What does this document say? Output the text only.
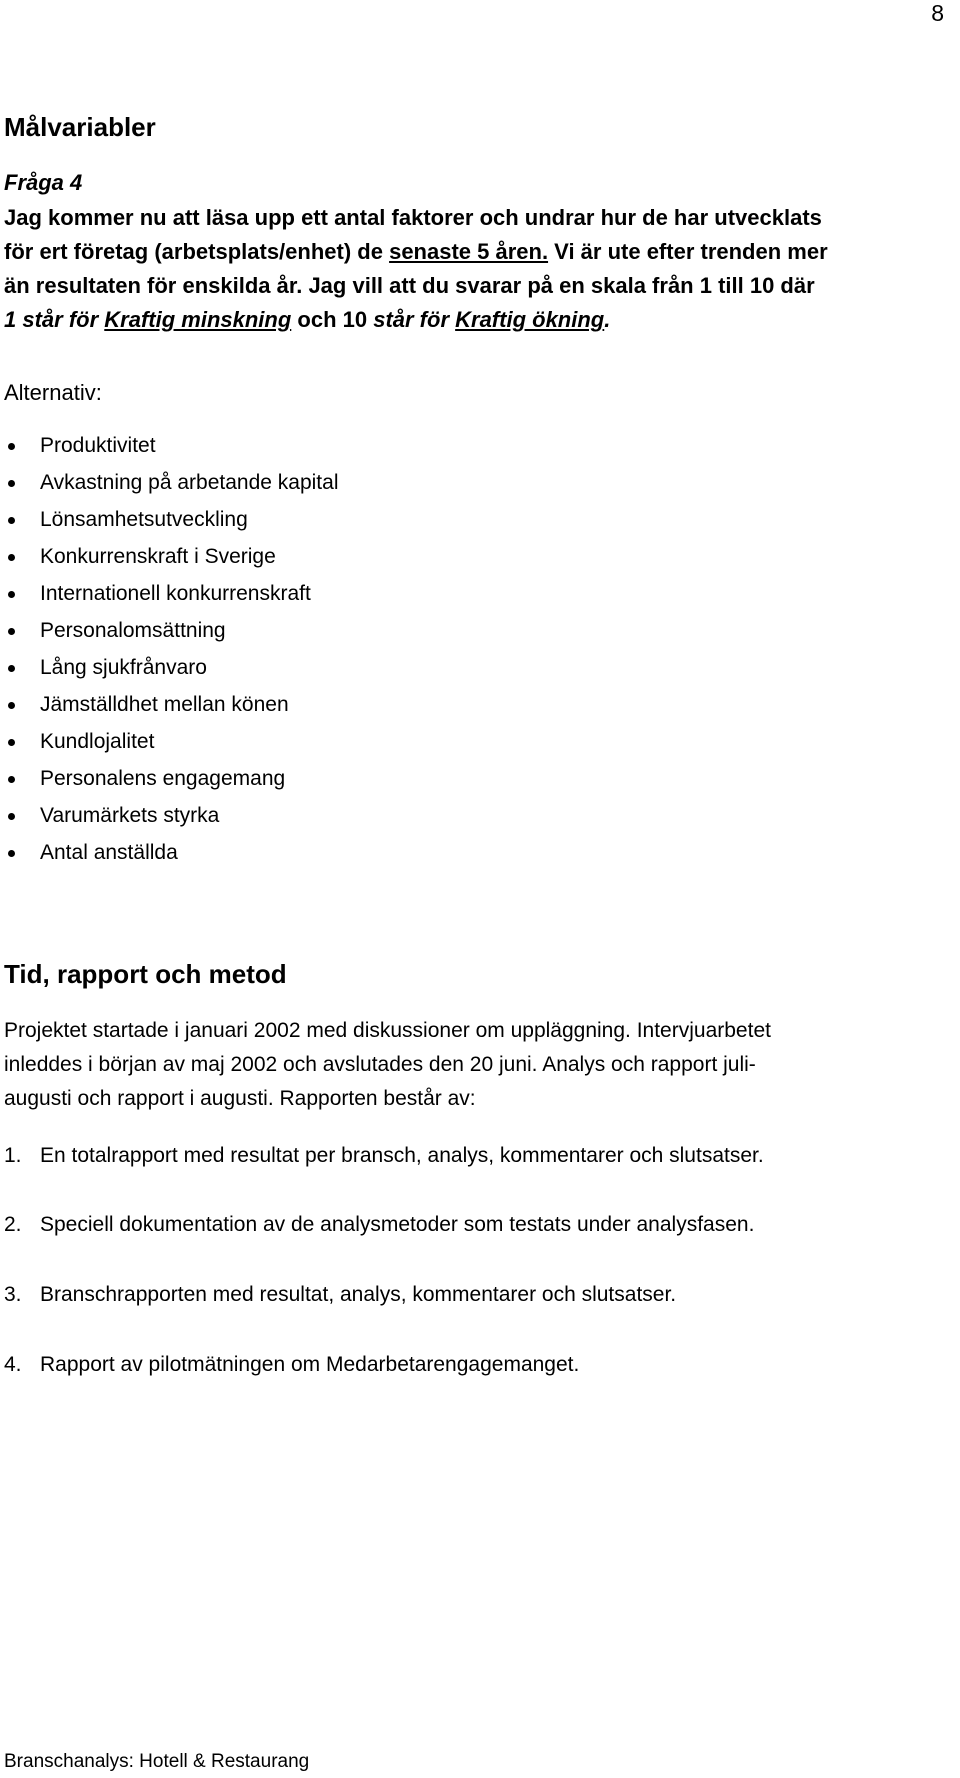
8
Målvariabler
Fråga 4
Jag kommer nu att läsa upp ett antal faktorer och undrar hur de har utvecklats
för ert företag (arbetsplats/enhet) de senaste 5 åren. Vi är ute efter trenden mer
än resultaten för enskilda år. Jag vill att du svarar på en skala från 1 till 10 där
1 står för Kraftig minskning och 10 står för Kraftig ökning.
Alternativ:
Produktivitet
Avkastning på arbetande kapital
Lönsamhetsutveckling
Konkurrenskraft i Sverige
Internationell konkurrenskraft
Personalomsättning
Lång sjukfrånvaro
Jämställdhet mellan könen
Kundlojalitet
Personalens engagemang
Varumärkets styrka
Antal anställda
Tid, rapport och metod
Projektet startade i januari 2002 med diskussioner om uppläggning. Intervjuarbetet
inleddes i början av maj 2002 och avslutades den 20 juni. Analys och rapport juli-
augusti och rapport i augusti. Rapporten består av:
1. En totalrapport med resultat per bransch, analys, kommentarer och slutsatser.
2. Speciell dokumentation av de analysmetoder som testats under analysfasen.
3. Branschrapporten med resultat, analys, kommentarer och slutsatser.
4. Rapport av pilotmätningen om Medarbetarengagemanget.
Branschanalys: Hotell & Restaurang
